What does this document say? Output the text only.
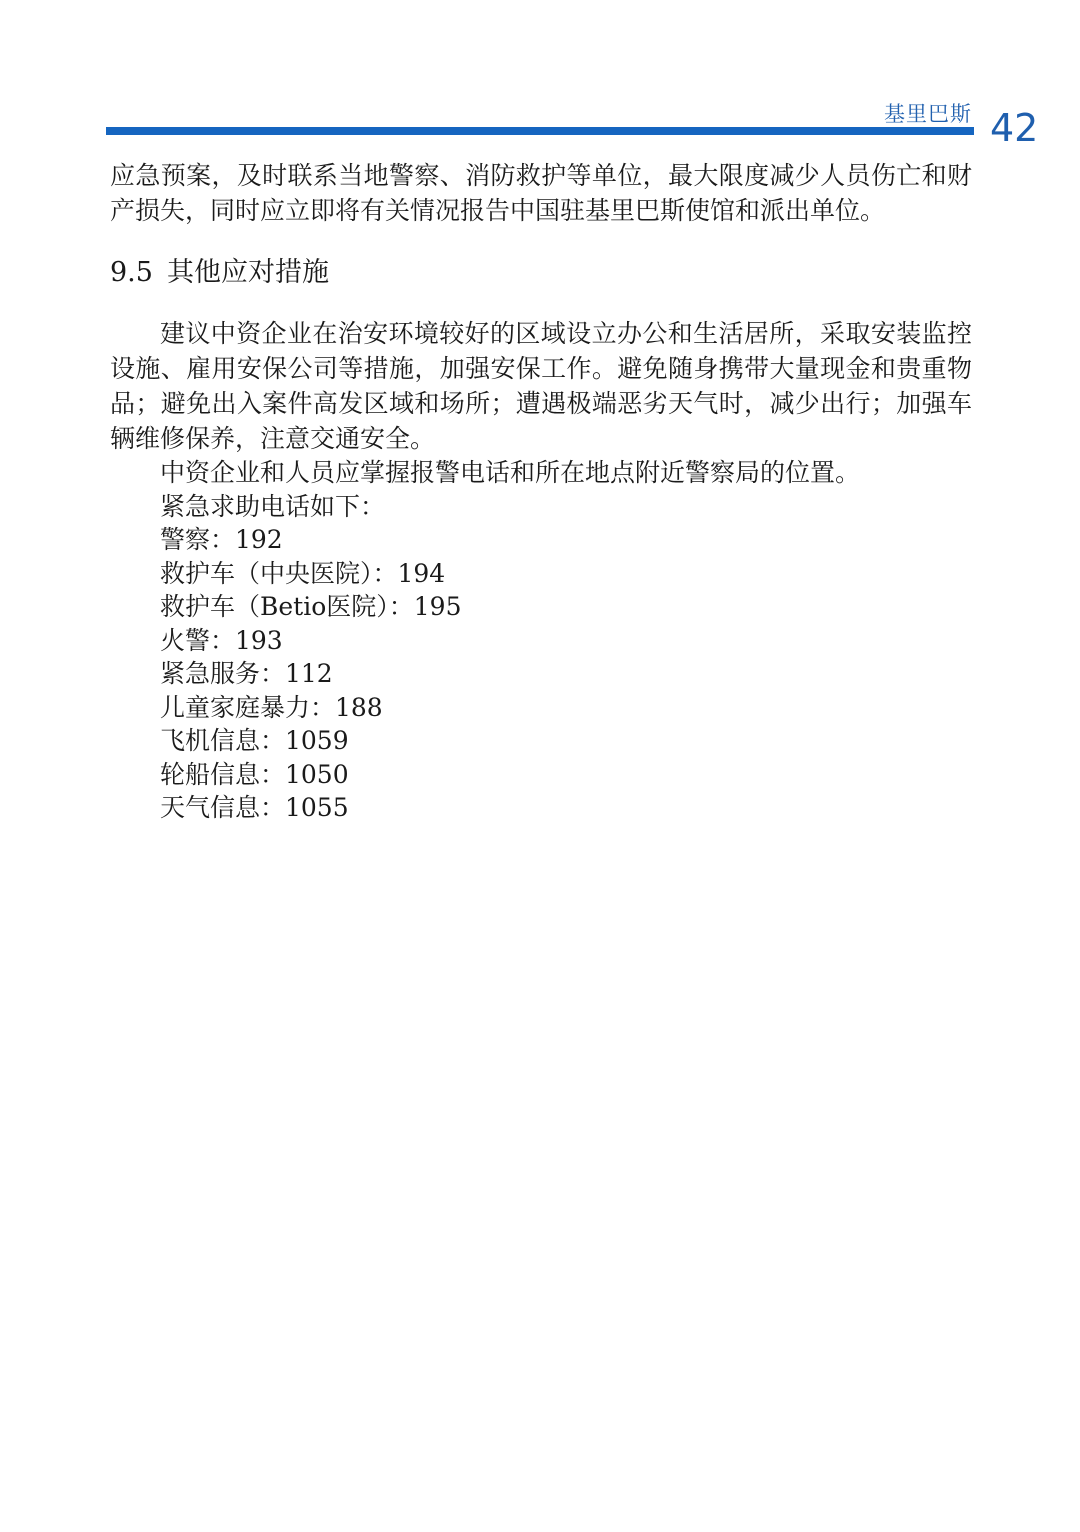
基里巴斯 42

应急预案，及时联系当地警察、消防救护等单位，最大限度减少人员伤亡和财产损失，同时应立即将有关情况报告中国驻基里巴斯使馆和派出单位。

9.5 其他应对措施

建议中资企业在治安环境较好的区域设立办公和生活居所，采取安装监控设施、雇用安保公司等措施，加强安保工作。避免随身携带大量现金和贵重物品；避免出入案件高发区域和场所；遭遇极端恶劣天气时，减少出行；加强车辆维修保养，注意交通安全。

中资企业和人员应掌握报警电话和所在地点附近警察局的位置。

紧急求助电话如下：

警察：192

救护车（中央医院）：194

救护车（Betio医院）：195

火警：193

紧急服务：112

儿童家庭暴力：188

飞机信息：1059

轮船信息：1050

天气信息：1055
